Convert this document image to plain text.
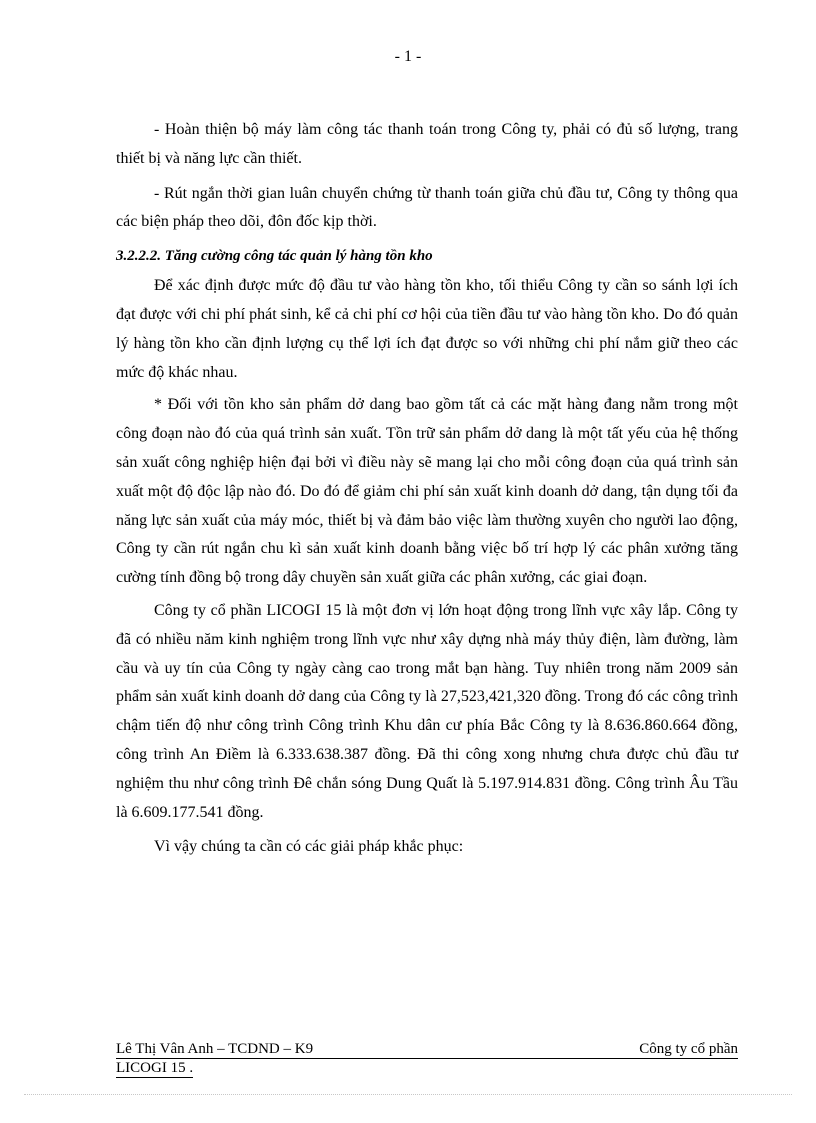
- 1 -

- Hoàn thiện bộ máy làm công tác thanh toán trong Công ty, phải có đủ số lượng, trang thiết bị và năng lực cần thiết.

- Rút ngắn thời gian luân chuyển chứng từ thanh toán giữa chủ đầu tư, Công ty thông qua các biện pháp theo dõi, đôn đốc kịp thời.

3.2.2.2. Tăng cường công tác quản lý hàng tồn kho

Để xác định được mức độ đầu tư vào hàng tồn kho, tối thiểu Công ty cần so sánh lợi ích đạt được với chi phí phát sinh, kể cả chi phí cơ hội của tiền đầu tư vào hàng tồn kho. Do đó quản lý hàng tồn kho cần định lượng cụ thể lợi ích đạt được so với những chi phí nắm giữ theo các mức độ khác nhau.

* Đối với tồn kho sản phẩm dở dang bao gồm tất cả các mặt hàng đang nằm trong một công đoạn nào đó của quá trình sản xuất. Tồn trữ sản phẩm dở dang là một tất yếu của hệ thống sản xuất công nghiệp hiện đại bởi vì điều này sẽ mang lại cho mỗi công đoạn của quá trình sản xuất một độ độc lập nào đó. Do đó để giảm chi phí sản xuất kinh doanh dở dang, tận dụng tối đa năng lực sản xuất của máy móc, thiết bị và đảm bảo việc làm thường xuyên cho người lao động, Công ty cần rút ngắn chu kì sản xuất kinh doanh bằng việc bố trí hợp lý các phân xưởng tăng cường tính đồng bộ trong dây chuyền sản xuất giữa các phân xưởng, các giai đoạn.

Công ty cổ phần LICOGI 15 là một đơn vị lớn hoạt động trong lĩnh vực xây lắp. Công ty đã có nhiều năm kinh nghiệm trong lĩnh vực như xây dựng nhà máy thủy điện, làm đường, làm cầu và uy tín của Công ty ngày càng cao trong mắt bạn hàng. Tuy nhiên trong năm 2009 sản phẩm sản xuất kinh doanh dở dang của Công ty là 27,523,421,320 đồng. Trong đó các công trình chậm tiến độ như công trình Công trình Khu dân cư phía Bắc Công ty là 8.636.860.664 đồng, công trình An Điềm là 6.333.638.387 đồng. Đã thi công xong nhưng chưa được chủ đầu tư nghiệm thu như công trình Đê chắn sóng Dung Quất là 5.197.914.831 đồng. Công trình Âu Tầu là 6.609.177.541 đồng.

Vì vậy chúng ta cần có các giải pháp khắc phục:

Lê Thị Vân Anh – TCDND – K9	Công ty cổ phần
LICOGI 15 .
